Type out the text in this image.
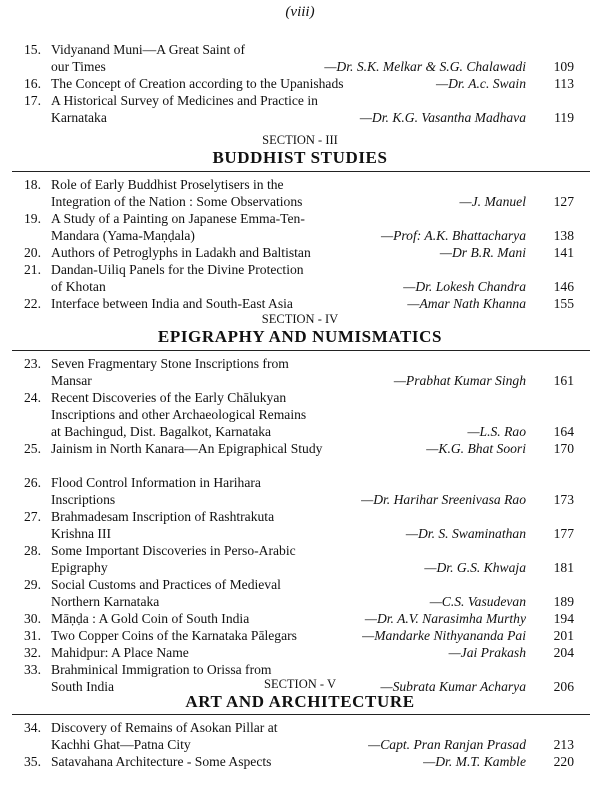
(viii)
15. Vidyanand Muni—A Great Saint of
our Times	—Dr. S.K. Melkar & S.G. Chalawadi	109
16. The Concept of Creation according to the Upanishads	—Dr. A.c. Swain	113
17. A Historical Survey of Medicines and Practice in
Karnataka	—Dr. K.G. Vasantha Madhava	119
18. Role of Early Buddhist Proselytisers in the
Integration of the Nation : Some Observations	—J. Manuel	127
19. A Study of a Painting on Japanese Emma-Ten-
Mandara (Yama-Maṇḍala)	—Prof: A.K. Bhattacharya	138
20. Authors of Petroglyphs in Ladakh and Baltistan	—Dr B.R. Mani	141
21. Dandan-Uiliq Panels for the Divine Protection
of Khotan	—Dr. Lokesh Chandra	146
22. Interface between India and South-East Asia	—Amar Nath Khanna	155
23. Seven Fragmentary Stone Inscriptions from
Mansar	—Prabhat Kumar Singh	161
24. Recent Discoveries of the Early Chālukyan
Inscriptions and other Archaeological Remains
at Bachingud, Dist. Bagalkot, Karnataka	—L.S. Rao	164
25. Jainism in North Kanara—An Epigraphical Study	—K.G. Bhat Soori	170
26. Flood Control Information in Harihara
Inscriptions	—Dr. Harihar Sreenivasa Rao	173
27. Brahmadesam Inscription of Rashtrakuta
Krishna III	—Dr. S. Swaminathan	177
28. Some Important Discoveries in Perso-Arabic
Epigraphy	—Dr. G.S. Khwaja	181
29. Social Customs and Practices of Medieval
Northern Karnataka	—C.S. Vasudevan	189
30. Māṇḍa : A Gold Coin of South India	—Dr. A.V. Narasimha Murthy	194
31. Two Copper Coins of the Karnataka Pālegars	—Mandarke Nithyananda Pai	201
32. Mahidpur: A Place Name	—Jai Prakash	204
33. Brahminical Immigration to Orissa from
South India	—Subrata Kumar Acharya	206
34. Discovery of Remains of Asokan Pillar at
Kachhi Ghat—Patna City	—Capt. Pran Ranjan Prasad	213
35. Satavahana Architecture - Some Aspects	—Dr. M.T. Kamble	220
SECTION - III
BUDDHIST STUDIES
SECTION - IV
EPIGRAPHY AND NUMISMATICS
SECTION - V
ART AND ARCHITECTURE
